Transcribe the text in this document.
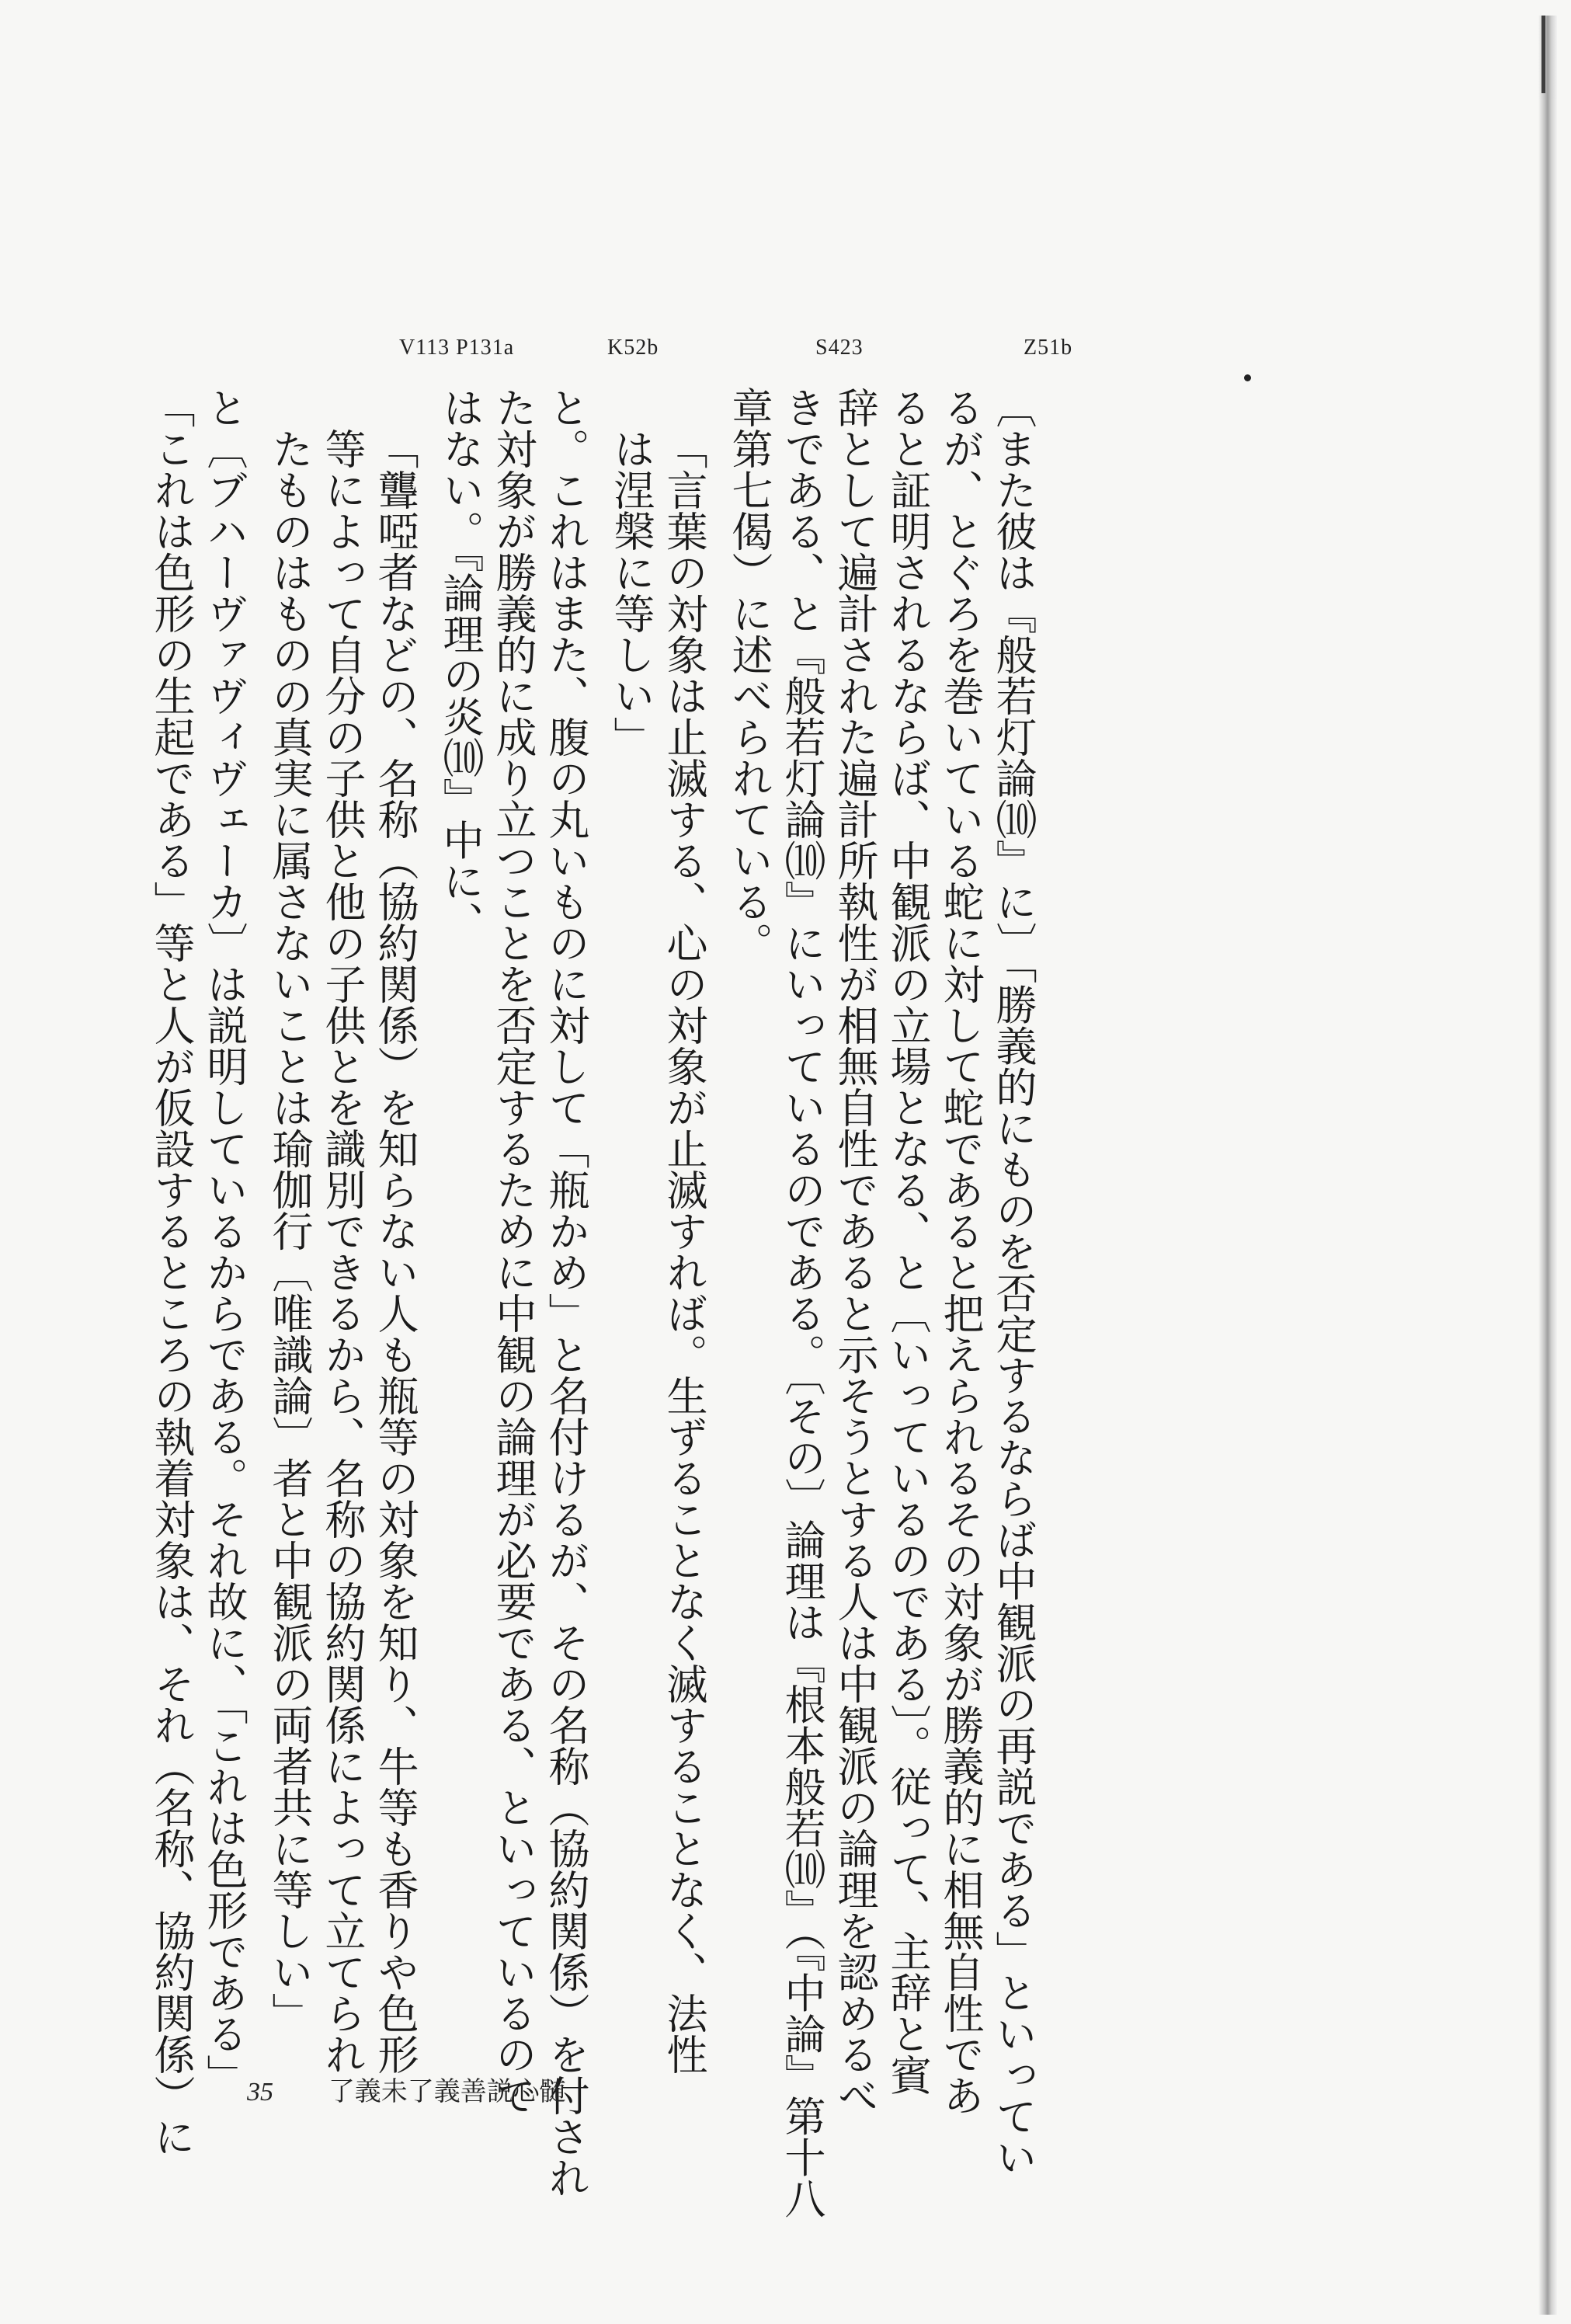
V113 P131a	K52b	S423	Z51b
〔また彼は『般若灯論⑽』に〕「勝義的にものを否定するならば中観派の再説である」といってい
るが、とぐろを巻いている蛇に対して蛇であると把えられるその対象が勝義的に相無自性であ
ると証明されるならば、中観派の立場となる、と〔いっているのである〕。従って、主辞と賓
辞として遍計された遍計所執性が相無自性であると示そうとする人は中観派の論理を認めるべ
きである、と『般若灯論⑽』にいっているのである。〔その〕論理は『根本般若⑽』（『中論』第十八
章第七偈）に述べられている。
「言葉の対象は止滅する、心の対象が止滅すれば。生ずることなく滅することなく、法性
は涅槃に等しい」
と。これはまた、腹の丸いものに対して「瓶かめ」と名付けるが、その名称（協約関係）を付され
た対象が勝義的に成り立つことを否定するために中観の論理が必要である、といっているので
はない。『論理の炎⑽』中に、
「聾啞者などの、名称（協約関係）を知らない人も瓶等の対象を知り、牛等も香りや色形
等によって自分の子供と他の子供とを識別できるから、名称の協約関係によって立てられ
たものはものの真実に属さないことは瑜伽行〔唯識論〕者と中観派の両者共に等しい」
と〔ブハーヴァヴィヴェーカ〕は説明しているからである。それ故に、「これは色形である」
「これは色形の生起である」等と人が仮設するところの執着対象は、それ（名称、協約関係）に 35 了義未了義善説心髄
